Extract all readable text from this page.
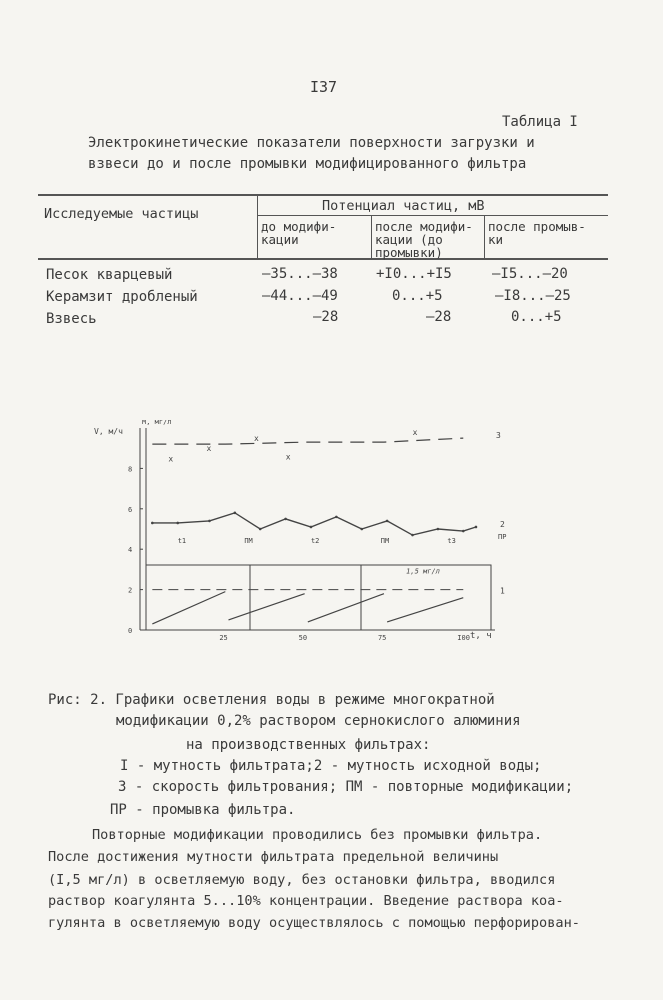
I37
Таблица I
Электрокинетические показатели поверхности загрузки и
взвеси до и после промывки модифицированного фильтра
Исследуемые частицы	Потенциал частиц, мВ
до модифи-
кации
после модифи-
кации (до
промывки)
после промыв-
ки
Песок кварцевый	–35...–38	+I0...+I5	–I5...–20
Керамзит дробленый	–44...–49	0...+5	–I8...–25
Взвесь	–28	–28	0...+5
0
2
4
6
8
25	50	75	I00
V, м/ч
M, мг/л
t, ч
1,5 мг/л
x
x
x
x
x
t1	ПМ	t2	ПМ	t3
1
2
3
ПР
Рис: 2. Графики осветления воды в режиме многократной
модификации 0,2% раствором сернокислого алюминия
на производственных фильтрах:
I - мутность фильтрата;2 - мутность исходной воды;
3 - скорость фильтрования; ПМ - повторные модификации;
ПР - промывка фильтра.
Повторные модификации проводились без промывки фильтра.
После достижения мутности фильтрата предельной величины
(I,5 мг/л) в осветляемую воду, без остановки фильтра, вводился
раствор коагулянта 5...10% концентрации. Введение раствора коа-
гулянта в осветляемую воду осуществлялось с помощью перфорирован-
